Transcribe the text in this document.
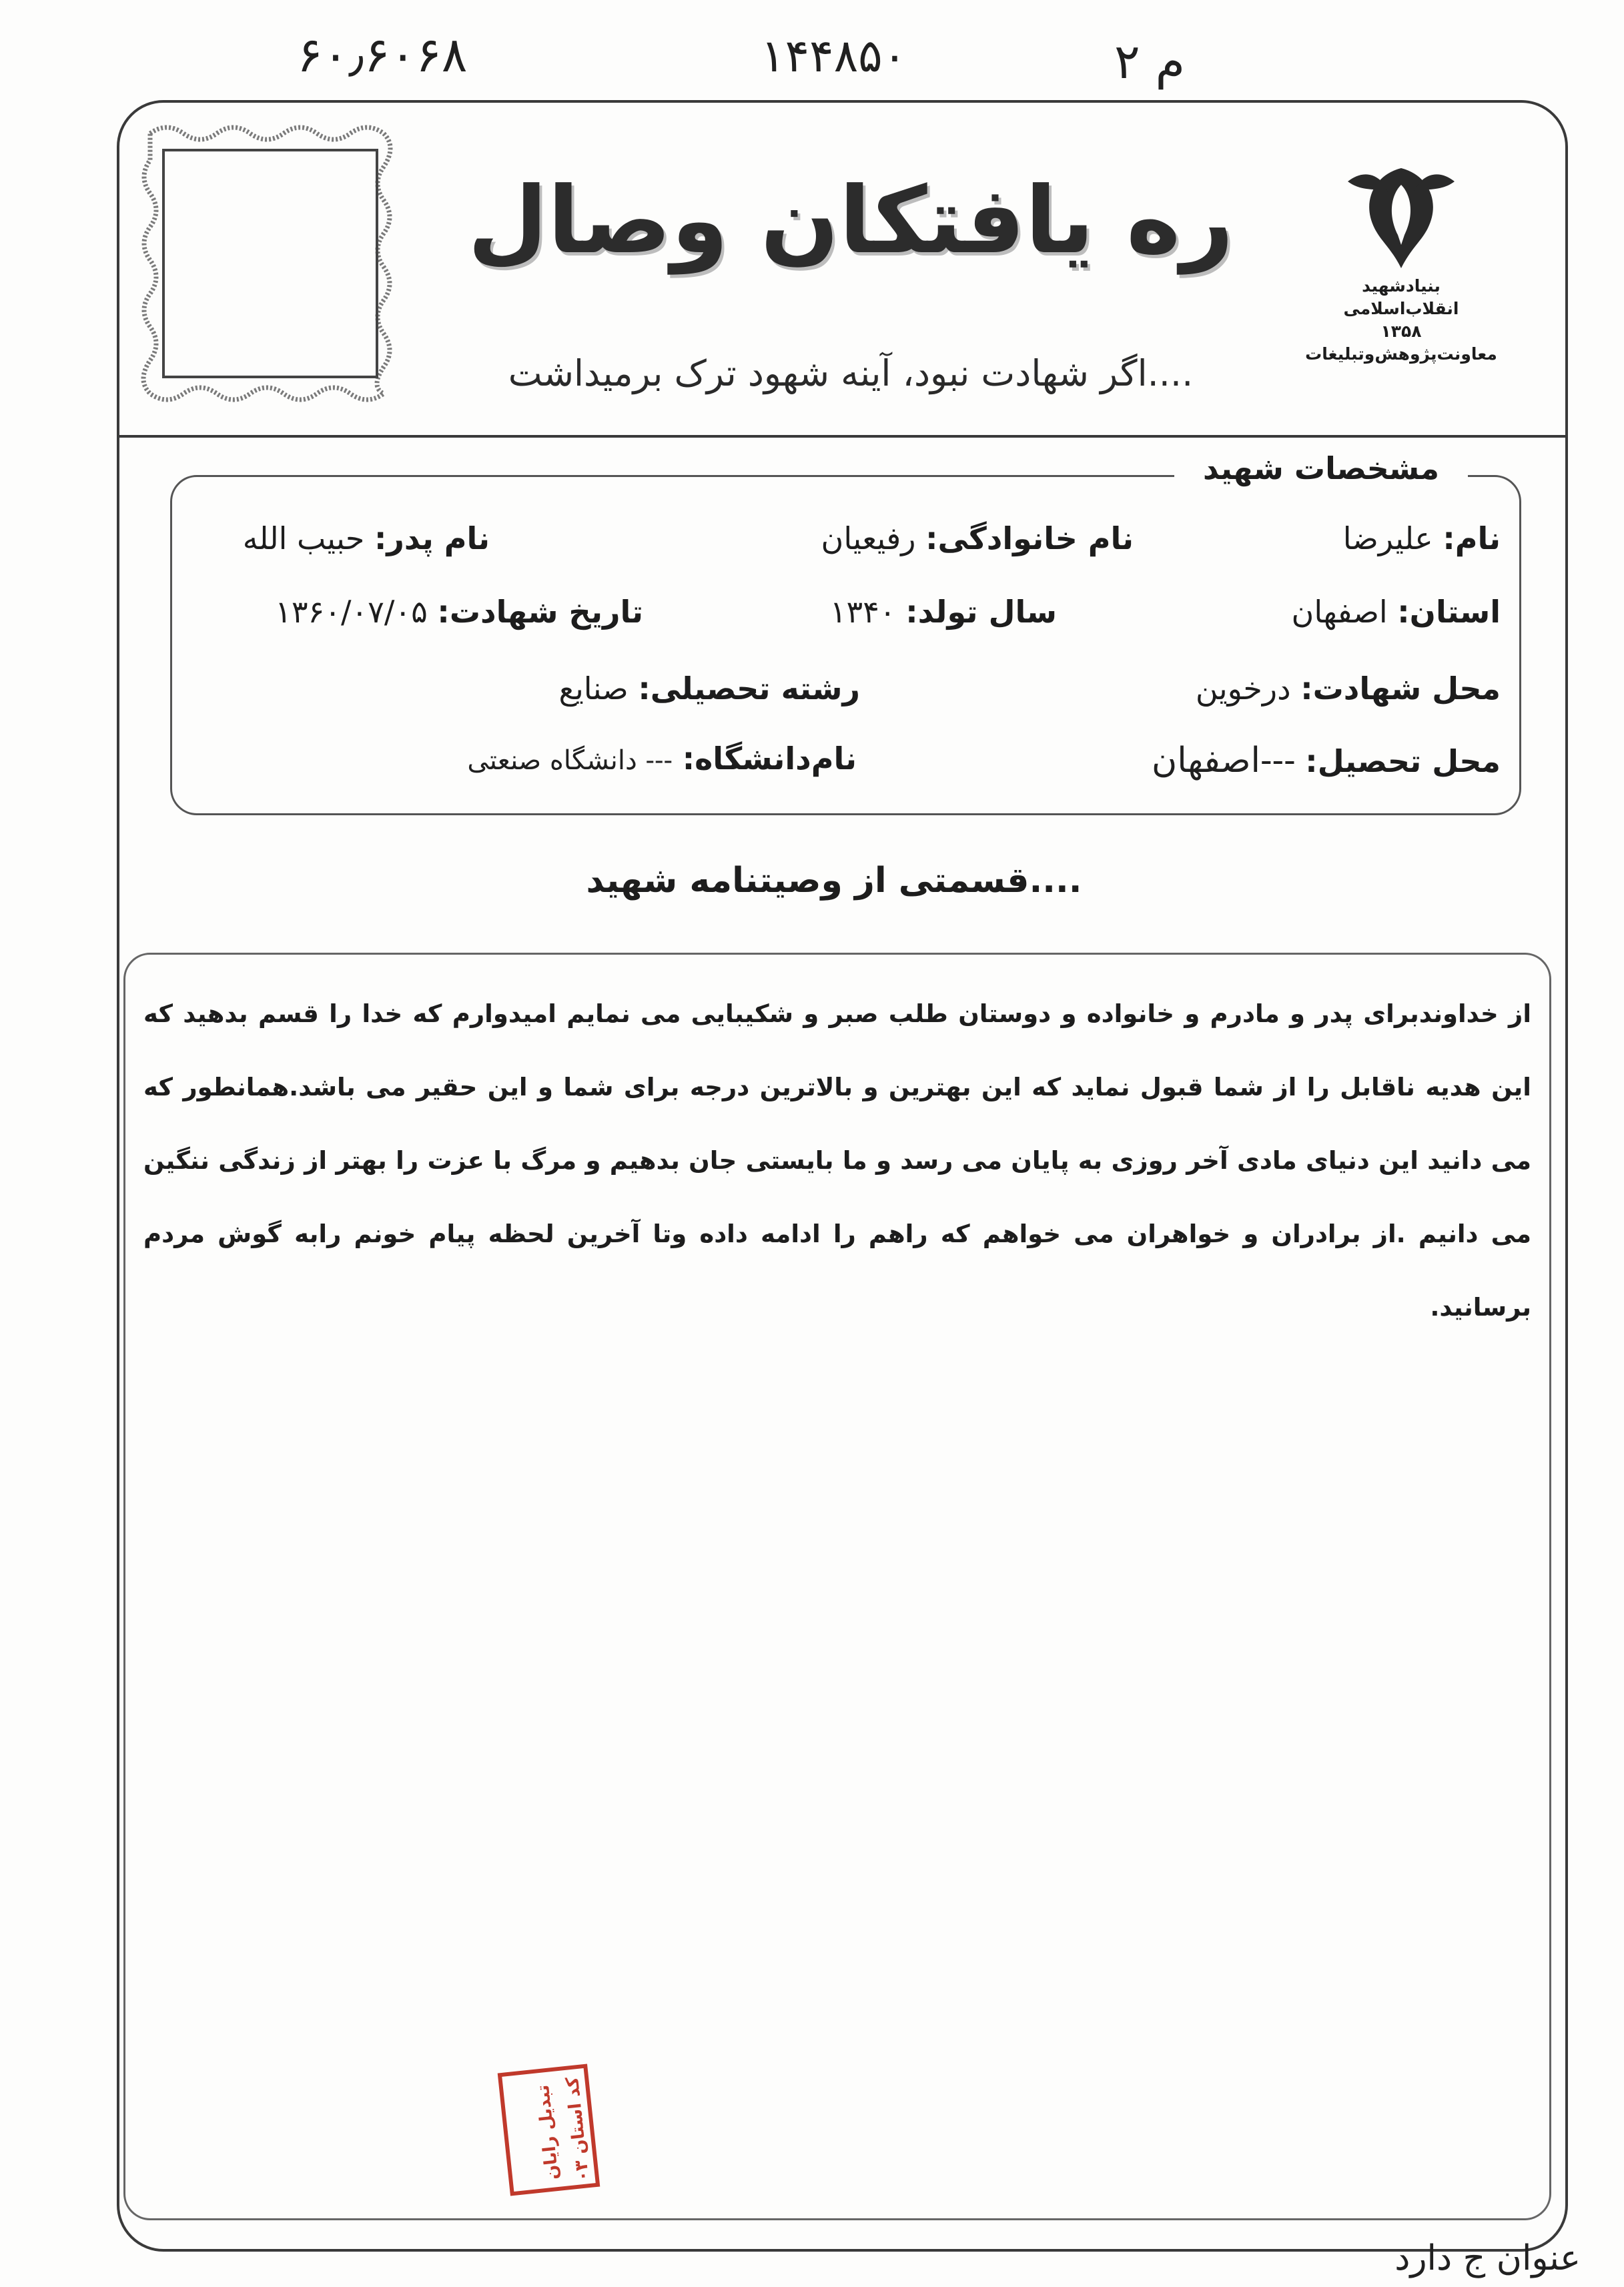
۶۰٫۶۰۶۸	۱۴۴۸۵۰	م ۲
ره یافتکان وصال
اگر شهادت نبود، آینه شهود ترک برمیداشت....
بنیادشهید
انقلاب‌اسلامی
۱۳۵۸
معاونت‌پژوهش‌وتبلیغات
مشخصات شهید
نام: علیرضا
نام خانوادگی: رفیعیان
نام پدر: حبیب الله
استان: اصفهان
سال تولد: ۱۳۴۰
تاریخ شهادت: ۱۳۶۰/۰۷/۰۵
محل شهادت: درخوین
رشته تحصیلی: صنایع
محل تحصیل: ---اصفهان
نام‌دانشگاه: --- دانشگاه صنعتی
قسمتی از وصیتنامه شهید....
از خداوندبرای پدر و مادرم و خانواده و دوستان طلب صبر و شکیبایی می نمایم امیدوارم که خدا را قسم بدهید که این هدیه ناقابل را از شما قبول نماید که این بهترین و بالاترین درجه برای شما و این حقیر می باشد.همانطور که می دانید این دنیای مادی آخر روزی به پایان می رسد و ما بایستی جان بدهیم و مرگ با عزت را بهتر از زندگی ننگین می دانیم .از برادران و خواهران می خواهم که راهم را ادامه داده وتا آخرین لحظه پیام خونم رابه گوش مردم برسانید.
تبدیل رایان کد استان ۰۳
عنوان ج دارد
